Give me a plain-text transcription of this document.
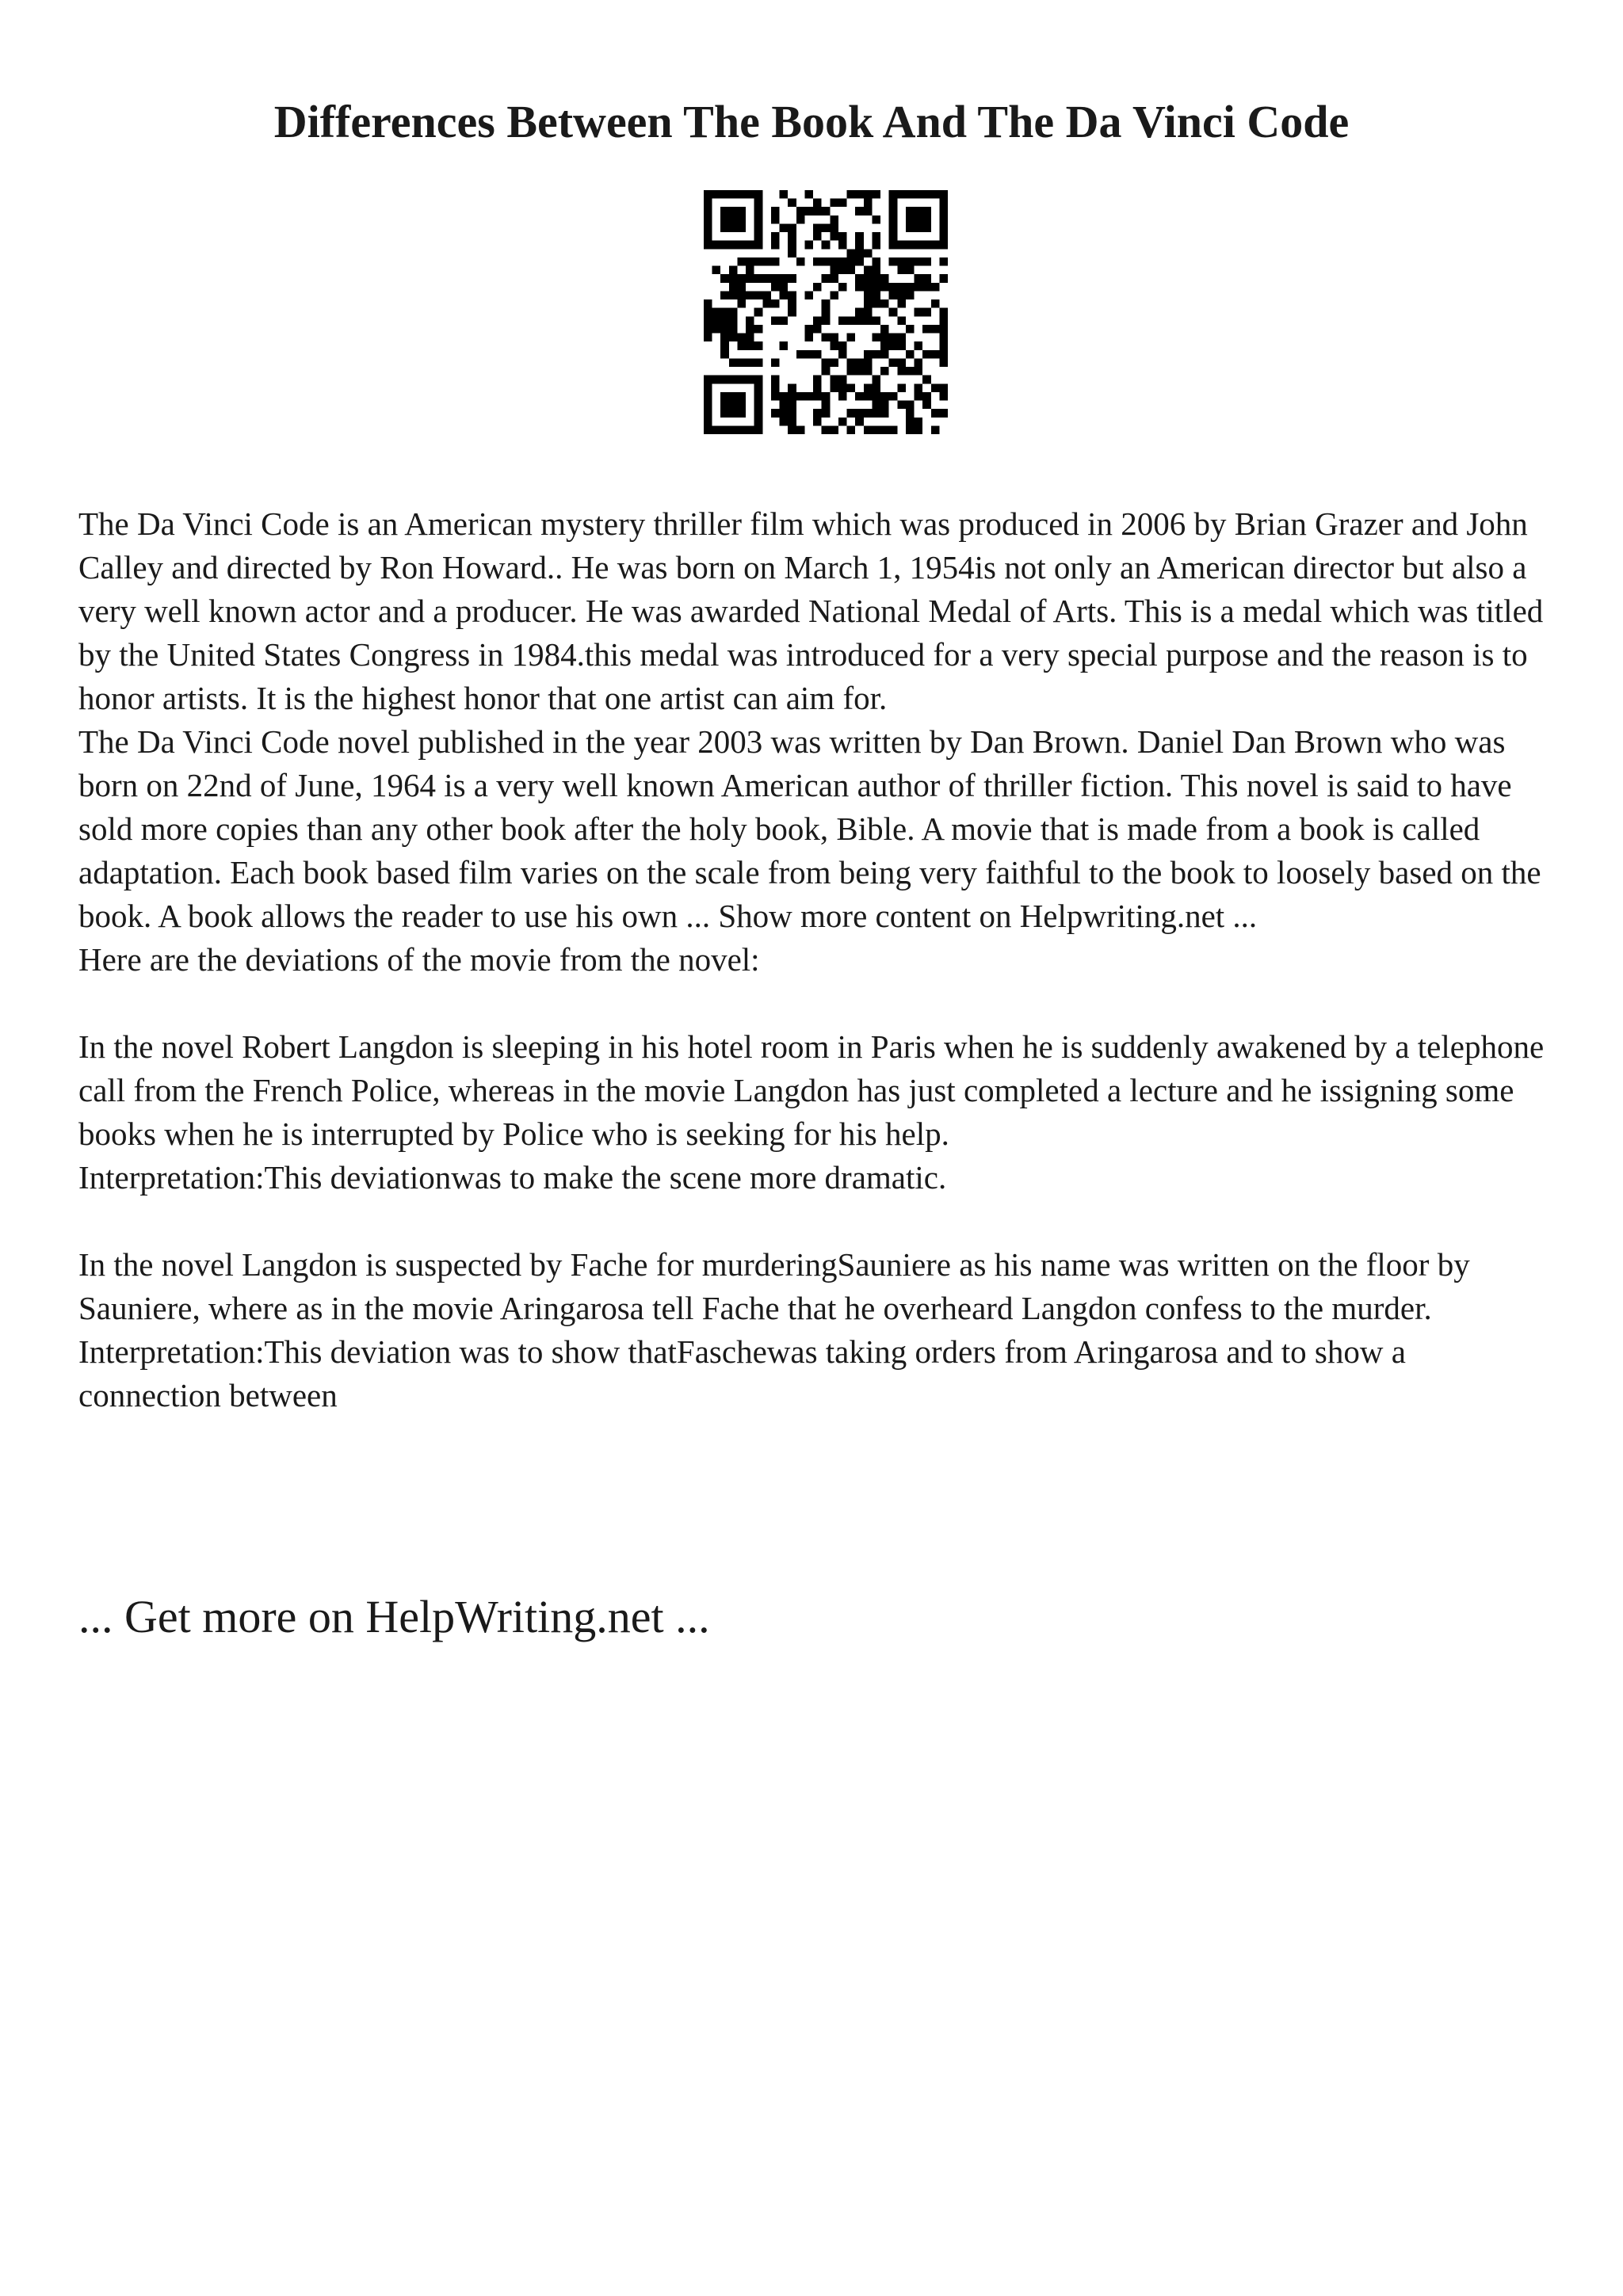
Differences Between The Book And The Da Vinci Code

The Da Vinci Code is an American mystery thriller film which was produced in 2006 by Brian Grazer and John Calley and directed by Ron Howard.. He was born on March 1, 1954is not only an American director but also a very well known actor and a producer. He was awarded National Medal of Arts. This is a medal which was titled by the United States Congress in 1984.this medal was introduced for a very special purpose and the reason is to honor artists. It is the highest honor that one artist can aim for.

The Da Vinci Code novel published in the year 2003 was written by Dan Brown. Daniel Dan Brown who was born on 22nd of June, 1964 is a very well known American author of thriller fiction. This novel is said to have sold more copies than any other book after the holy book, Bible. A movie that is made from a book is called adaptation. Each book based film varies on the scale from being very faithful to the book to loosely based on the book. A book allows the reader to use his own ... Show more content on Helpwriting.net ...

Here are the deviations of the movie from the novel:

In the novel Robert Langdon is sleeping in his hotel room in Paris when he is suddenly awakened by a telephone call from the French Police, whereas in the movie Langdon has just completed a lecture and he issigning some books when he is interrupted by Police who is seeking for his help.

Interpretation:This deviationwas to make the scene more dramatic.

In the novel Langdon is suspected by Fache for murderingSauniere as his name was written on the floor by Sauniere, where as in the movie Aringarosa tell Fache that he overheard Langdon confess to the murder.

Interpretation:This deviation was to show thatFaschewas taking orders from Aringarosa and to show a connection between

... Get more on HelpWriting.net ...
